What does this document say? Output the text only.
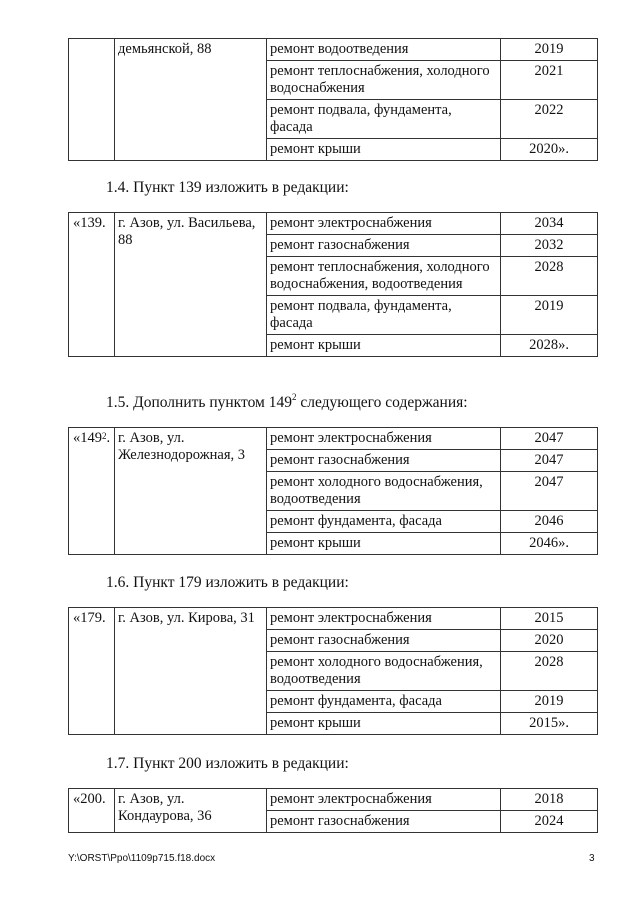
	демьянской, 88	ремонт водоотведения	2019
		ремонт теплоснабжения, холодного водоснабжения	2021
		ремонт подвала, фундамента, фасада	2022
		ремонт крыши	2020».
1.4. Пункт 139 изложить в редакции:
«139.	г. Азов, ул. Васильева, 88	ремонт электроснабжения	2034
		ремонт газоснабжения	2032
		ремонт теплоснабжения, холодного водоснабжения, водоотведения	2028
		ремонт подвала, фундамента, фасада	2019
		ремонт крыши	2028».
1.5. Дополнить пунктом $149^2$ следующего содержания:
«$149^2$.	г. Азов, ул. Железнодорожная, 3	ремонт электроснабжения	2047
		ремонт газоснабжения	2047
		ремонт холодного водоснабжения, водоотведения	2047
		ремонт фундамента, фасада	2046
		ремонт крыши	2046».
1.6. Пункт 179 изложить в редакции:
«179.	г. Азов, ул. Кирова, 31	ремонт электроснабжения	2015
		ремонт газоснабжения	2020
		ремонт холодного водоснабжения, водоотведения	2028
		ремонт фундамента, фасада	2019
		ремонт крыши	2015».
1.7. Пункт 200 изложить в редакции:
«200.	г. Азов, ул. Кондаурова, 36	ремонт электроснабжения	2018
		ремонт газоснабжения	2024
Y:\ORST\Ppo\1109p715.f18.docx	3
